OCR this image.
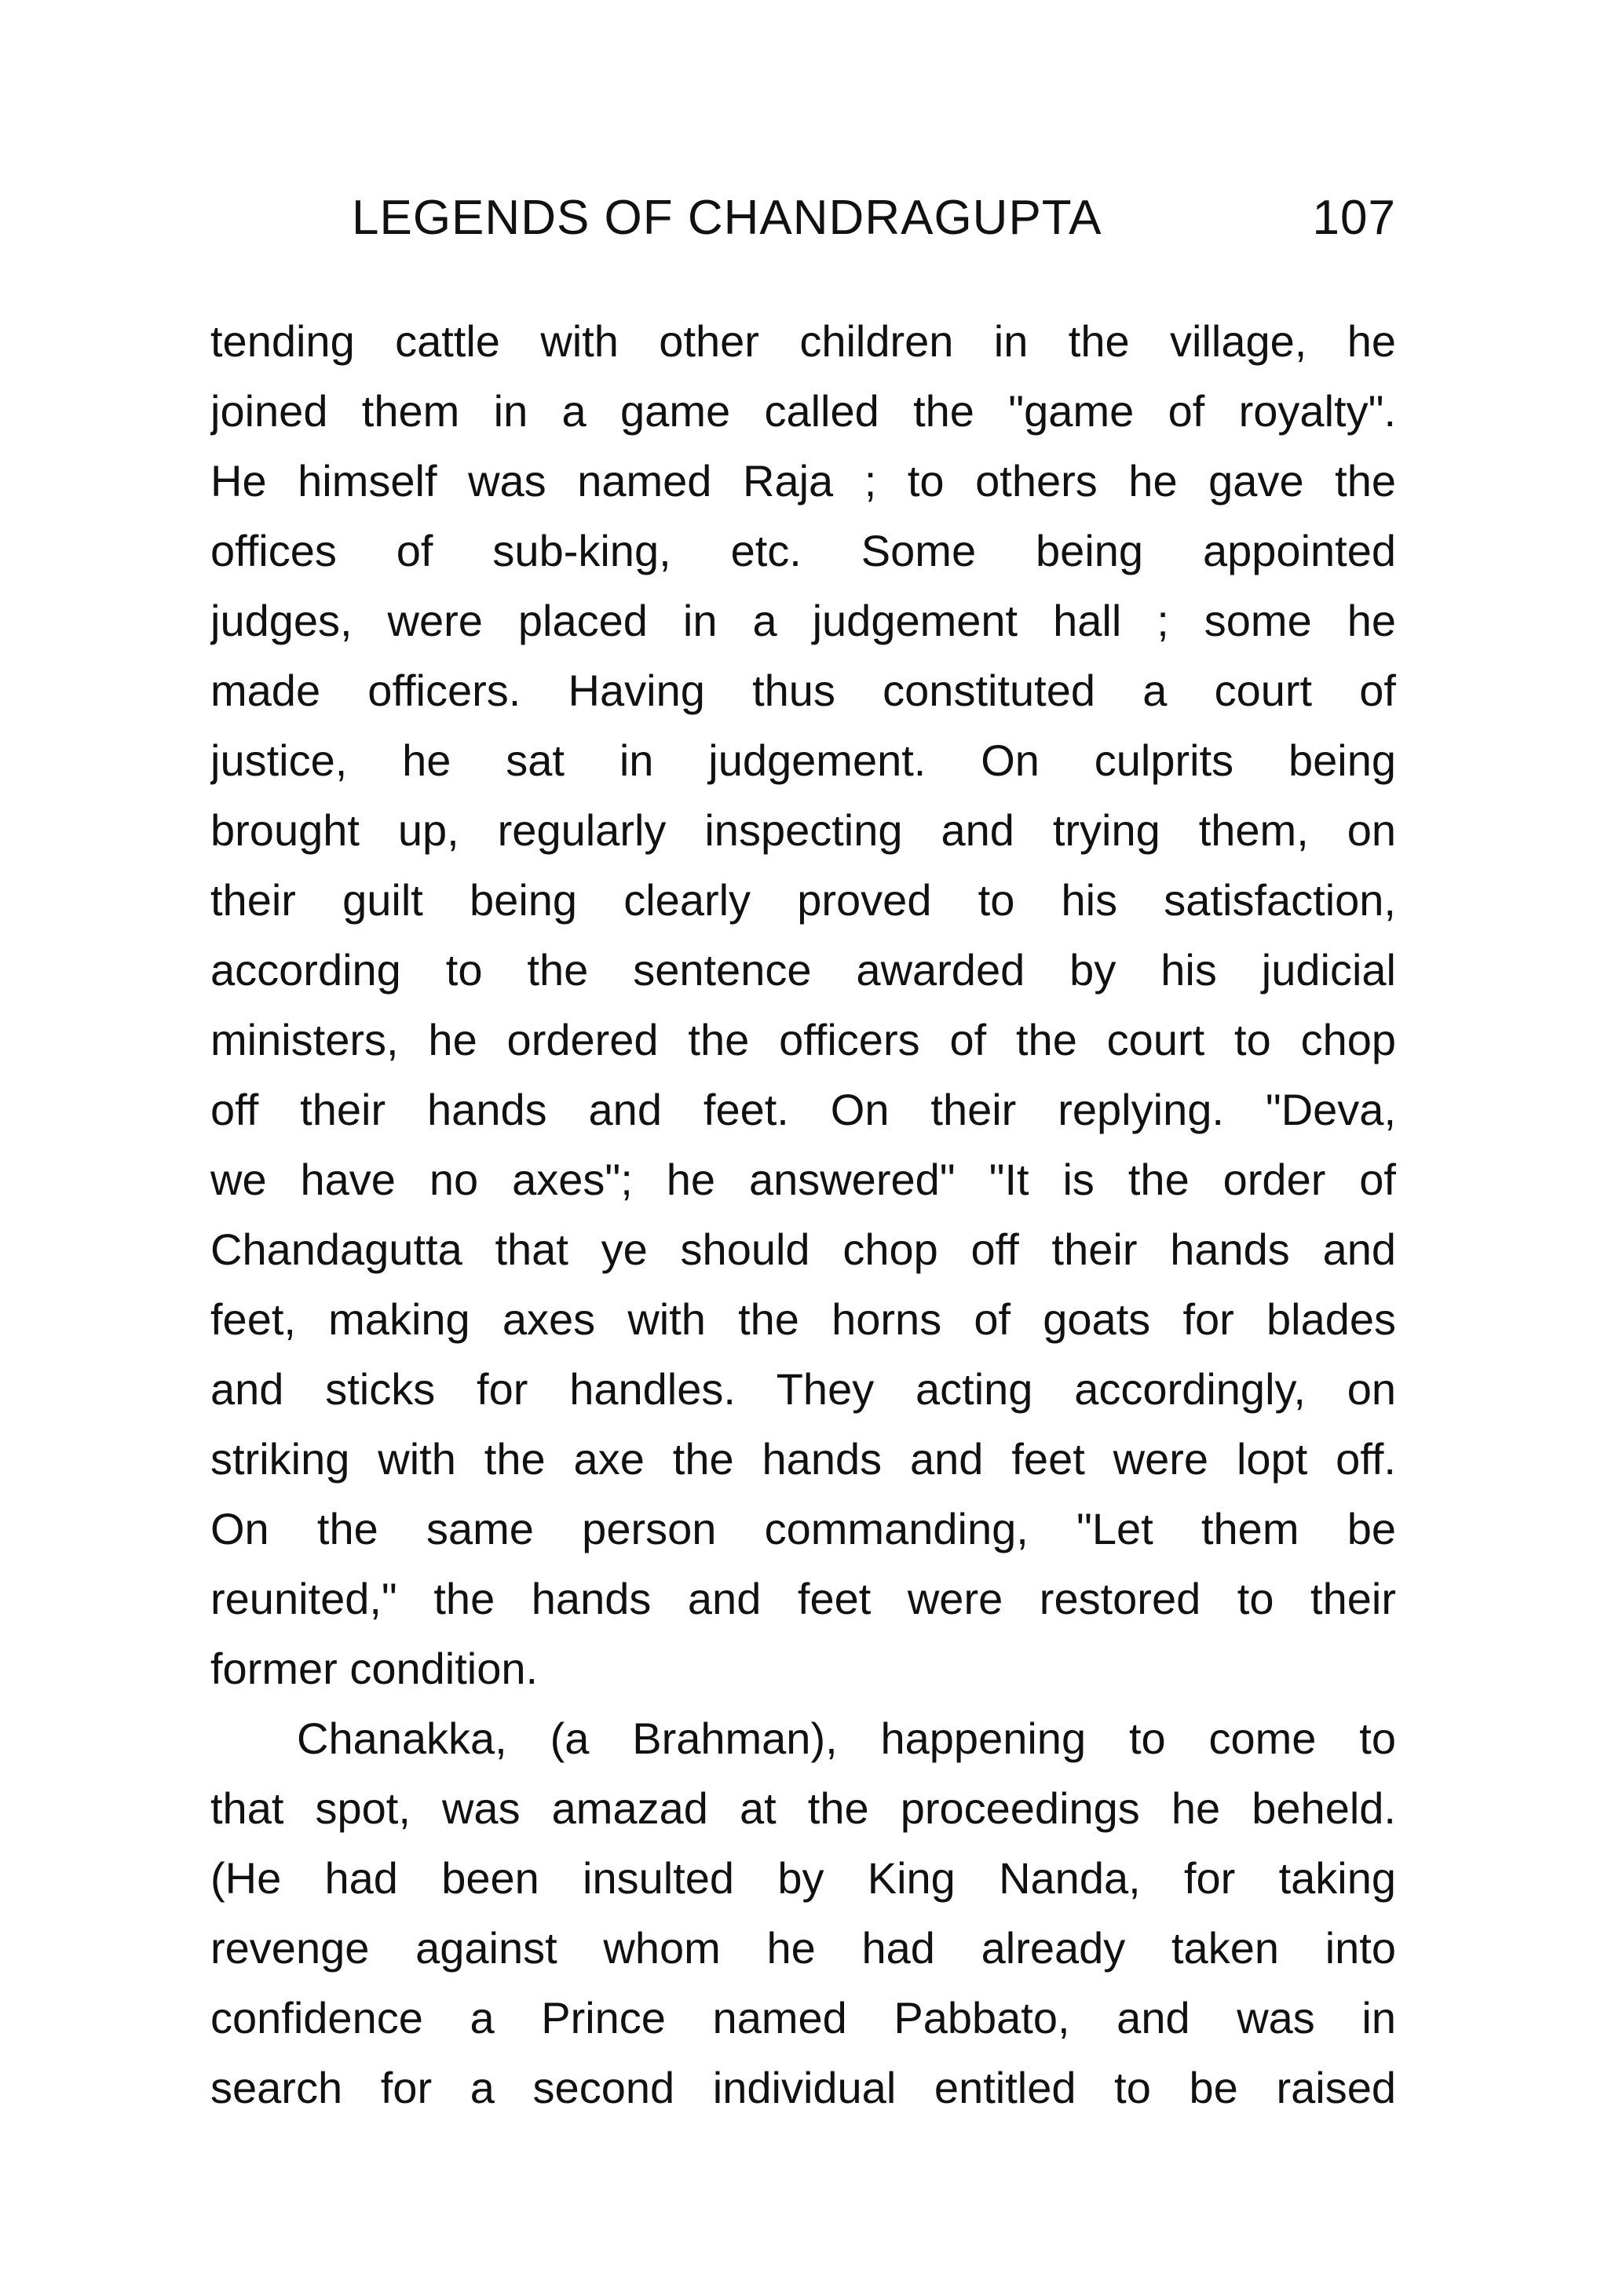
LEGENDS OF CHANDRAGUPTA	107
tending cattle with other children in the village, he
joined them in a game called the "game of royalty".
He himself was named Raja ; to others he gave the
offices of sub-king, etc. Some being appointed
judges, were placed in a judgement hall ; some he
made officers. Having thus constituted a court of
justice, he sat in judgement. On culprits being
brought up, regularly inspecting and trying them, on
their guilt being clearly proved to his satisfaction,
according to the sentence awarded by his judicial
ministers, he ordered the officers of the court to chop
off their hands and feet. On their replying. "Deva,
we have no axes"; he answered" "It is the order of
Chandagutta that ye should chop off their hands and
feet, making axes with the horns of goats for blades
and sticks for handles. They acting accordingly, on
striking with the axe the hands and feet were lopt off.
On the same person commanding, "Let them be
reunited," the hands and feet were restored to their
former condition.
Chanakka, (a Brahman), happening to come to
that spot, was amazad at the proceedings he beheld.
(He had been insulted by King Nanda, for taking
revenge against whom he had already taken into
confidence a Prince named Pabbato, and was in
search for a second individual entitled to be raised
